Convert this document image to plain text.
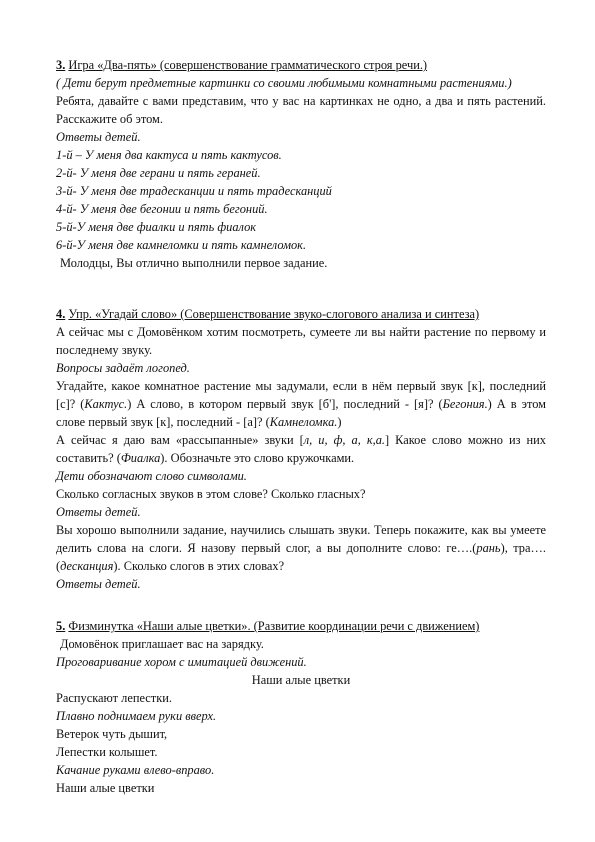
3. Игра «Два-пять» (совершенствование грамматического строя речи.)
( Дети берут предметные картинки со своими любимыми комнатными растениями.)
Ребята, давайте с вами представим, что у вас на картинках не одно, а два и пять растений. Расскажите об этом.
Ответы детей.
1-й – У меня два кактуса и пять кактусов.
2-й- У меня две герани и пять гераней.
3-й- У меня две традесканции и пять традесканций
4-й- У меня две бегонии и пять бегоний.
5-й-У меня две фиалки и пять фиалок
6-й-У меня две камнеломки и пять камнеломок.
Молодцы, Вы отлично выполнили первое задание.
4. Упр. «Угадай слово» (Совершенствование звуко-слогового анализа и синтеза)
А сейчас мы с Домовёнком хотим посмотреть, сумеете ли вы найти растение по первому и последнему звуку.
Вопросы задаёт логопед.
Угадайте, какое комнатное растение мы задумали, если в нём первый звук [к], последний [с]? (Кактус.) А слово, в котором первый звук [б'], последний - [я]? (Бегония.) А в этом слове первый звук [к], последний - [а]? (Камнеломка.)
А сейчас я даю вам «рассыпанные» звуки [л, и, ф, а, к,а.] Какое слово можно из них составить? (Фиалка). Обозначьте это слово кружочками.
Дети обозначают слово символами.
Сколько согласных звуков в этом слове? Сколько гласных?
Ответы детей.
Вы хорошо выполнили задание, научились слышать звуки. Теперь покажите, как вы умеете делить слова на слоги. Я назову первый слог, а вы дополните слово: ге….(рань), тра….(десканция). Сколько слогов в этих словах?
Ответы детей.
5. Физминутка «Наши алые цветки». (Развитие координации речи с движением)
Домовёнок приглашает вас на зарядку.
Проговаривание хором с имитацией движений.
Наши алые цветки
Распускают лепестки.
Плавно поднимаем руки вверх.
Ветерок чуть дышит,
Лепестки колышет.
Качание руками влево-вправо.
Наши алые цветки
